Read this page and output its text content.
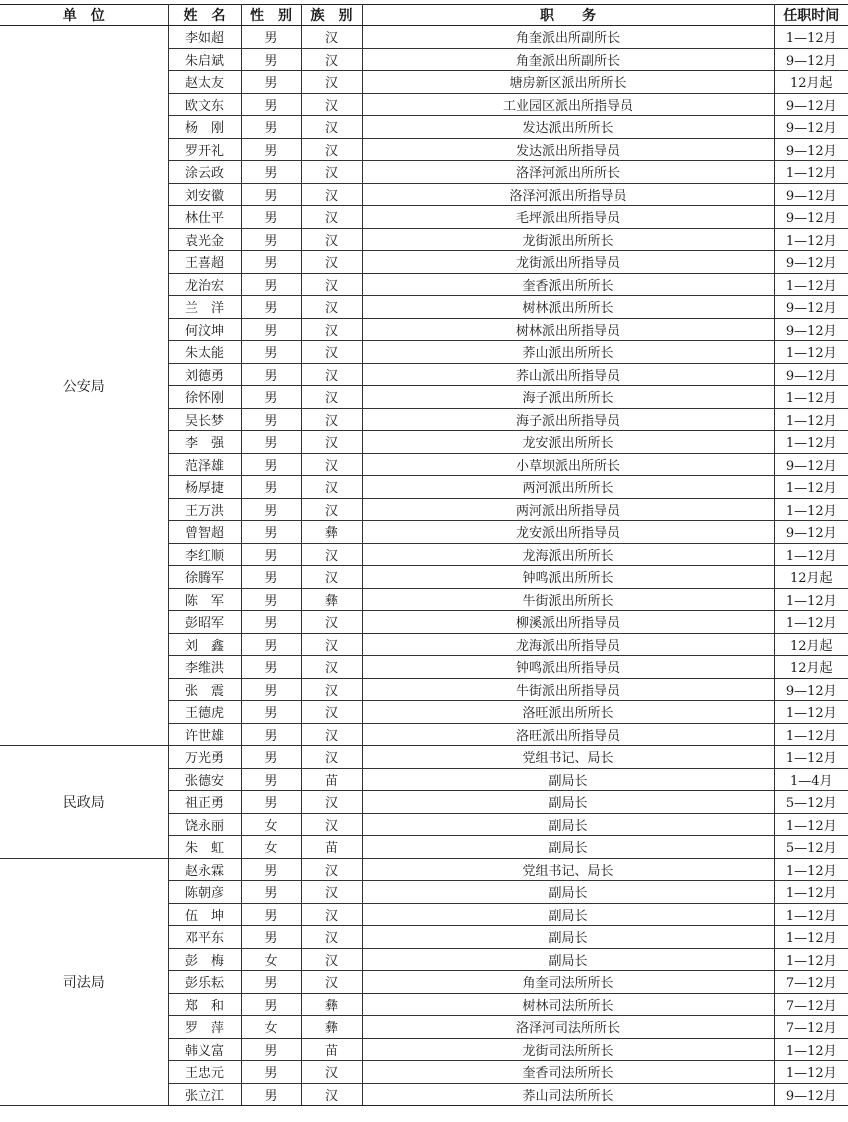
单　位	姓　名	性　别	族　别	职　　务	任职时间
公安局	李如超	男	汉	角奎派出所副所长	1—12月
	朱启斌	男	汉	角奎派出所副所长	9—12月
	赵太友	男	汉	塘房新区派出所所长	12月起
	欧文东	男	汉	工业园区派出所指导员	9—12月
	杨　刚	男	汉	发达派出所所长	9—12月
	罗开礼	男	汉	发达派出所指导员	9—12月
	涂云政	男	汉	洛泽河派出所所长	1—12月
	刘安徽	男	汉	洛泽河派出所指导员	9—12月
	林仕平	男	汉	毛坪派出所指导员	9—12月
	袁光金	男	汉	龙街派出所所长	1—12月
	王喜超	男	汉	龙街派出所指导员	9—12月
	龙治宏	男	汉	奎香派出所所长	1—12月
	兰　洋	男	汉	树林派出所所长	9—12月
	何汶坤	男	汉	树林派出所指导员	9—12月
	朱太能	男	汉	荞山派出所所长	1—12月
	刘德勇	男	汉	荞山派出所指导员	9—12月
	徐怀刚	男	汉	海子派出所所长	1—12月
	吴长梦	男	汉	海子派出所指导员	1—12月
	李　强	男	汉	龙安派出所所长	1—12月
	范泽雄	男	汉	小草坝派出所所长	9—12月
	杨厚捷	男	汉	两河派出所所长	1—12月
	王万洪	男	汉	两河派出所指导员	1—12月
	曾智超	男	彝	龙安派出所指导员	9—12月
	李红顺	男	汉	龙海派出所所长	1—12月
	徐腾军	男	汉	钟鸣派出所所长	12月起
	陈　军	男	彝	牛街派出所所长	1—12月
	彭昭军	男	汉	柳溪派出所指导员	1—12月
	刘　鑫	男	汉	龙海派出所指导员	12月起
	李维洪	男	汉	钟鸣派出所指导员	12月起
	张　震	男	汉	牛街派出所指导员	9—12月
	王德虎	男	汉	洛旺派出所所长	1—12月
	许世雄	男	汉	洛旺派出所指导员	1—12月
民政局	万光勇	男	汉	党组书记、局长	1—12月
	张德安	男	苗	副局长	1—4月
	祖正勇	男	汉	副局长	5—12月
	饶永丽	女	汉	副局长	1—12月
	朱　虹	女	苗	副局长	5—12月
司法局	赵永霖	男	汉	党组书记、局长	1—12月
	陈朝彦	男	汉	副局长	1—12月
	伍　坤	男	汉	副局长	1—12月
	邓平东	男	汉	副局长	1—12月
	彭　梅	女	汉	副局长	1—12月
	彭乐耘	男	汉	角奎司法所所长	7—12月
	郑　和	男	彝	树林司法所所长	7—12月
	罗　萍	女	彝	洛泽河司法所所长	7—12月
	韩义富	男	苗	龙街司法所所长	1—12月
	王忠元	男	汉	奎香司法所所长	1—12月
	张立江	男	汉	荞山司法所所长	9—12月
